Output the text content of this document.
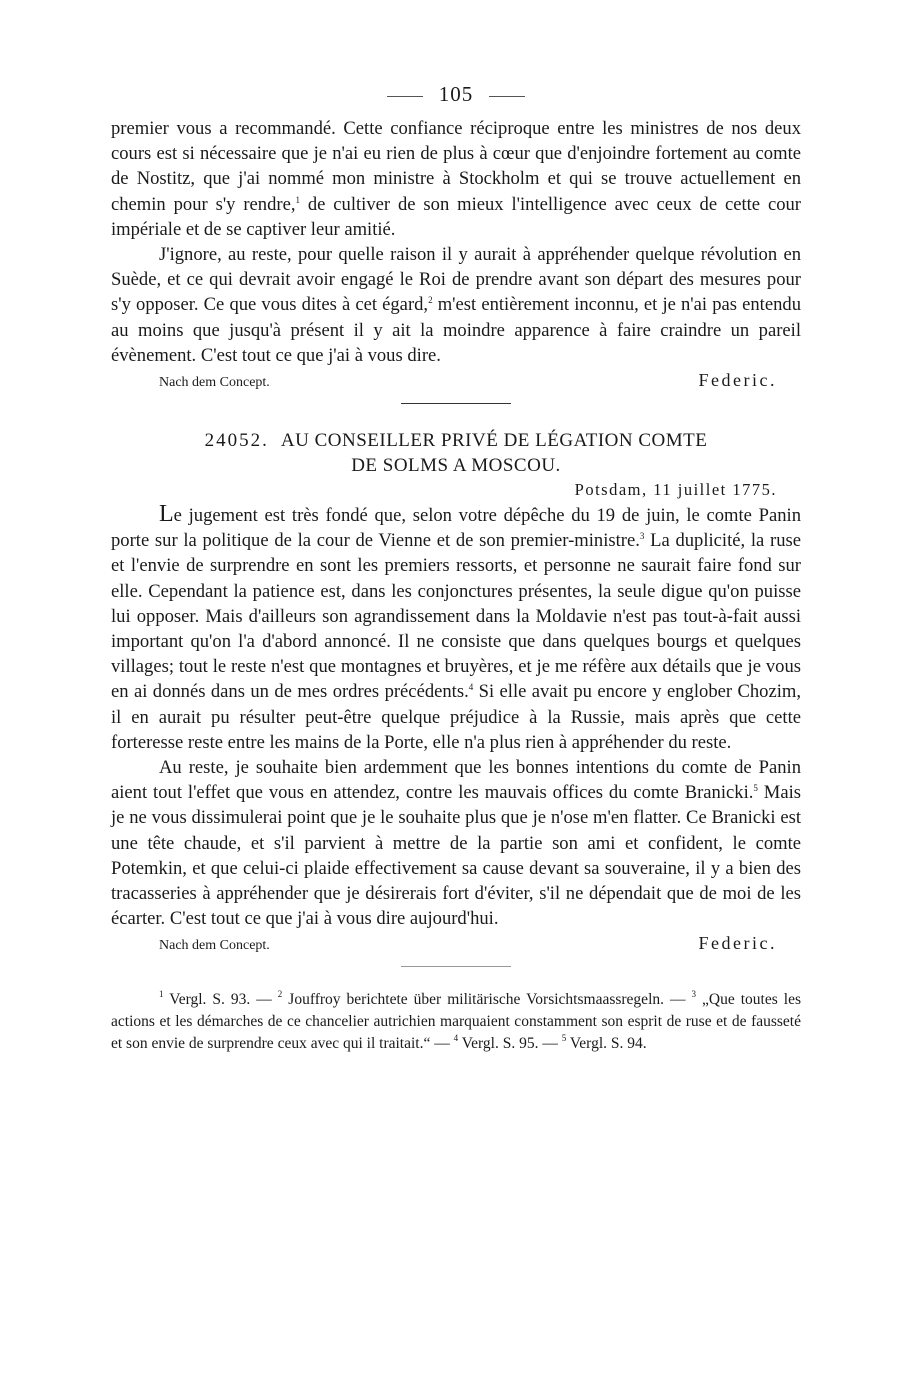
105

premier vous a recommandé. Cette confiance réciproque entre les ministres de nos deux cours est si nécessaire que je n'ai eu rien de plus à cœur que d'enjoindre fortement au comte de Nostitz, que j'ai nommé mon ministre à Stockholm et qui se trouve actuellement en chemin pour s'y rendre,$^1$ de cultiver de son mieux l'intelligence avec ceux de cette cour impériale et de se captiver leur amitié.

J'ignore, au reste, pour quelle raison il y aurait à appréhender quelque révolution en Suède, et ce qui devrait avoir engagé le Roi de prendre avant son départ des mesures pour s'y opposer. Ce que vous dites à cet égard,$^2$ m'est entièrement inconnu, et je n'ai pas entendu au moins que jusqu'à présent il y ait la moindre apparence à faire craindre un pareil évènement. C'est tout ce que j'ai à vous dire.

Nach dem Concept.	Federic.
24052. AU CONSEILLER PRIVÉ DE LÉGATION COMTE
DE SOLMS A MOSCOU.
Potsdam, 11 juillet 1775.

Le jugement est très fondé que, selon votre dépêche du 19 de juin, le comte Panin porte sur la politique de la cour de Vienne et de son premier-ministre.$^3$ La duplicité, la ruse et l'envie de surprendre en sont les premiers ressorts, et personne ne saurait faire fond sur elle. Cependant la patience est, dans les conjonctures présentes, la seule digue qu'on puisse lui opposer. Mais d'ailleurs son agrandissement dans la Moldavie n'est pas tout-à-fait aussi important qu'on l'a d'abord annoncé. Il ne consiste que dans quelques bourgs et quelques villages; tout le reste n'est que montagnes et bruyères, et je me réfère aux détails que je vous en ai donnés dans un de mes ordres précédents.$^4$ Si elle avait pu encore y englober Chozim, il en aurait pu résulter peut-être quelque préjudice à la Russie, mais après que cette forteresse reste entre les mains de la Porte, elle n'a plus rien à appréhender du reste.

Au reste, je souhaite bien ardemment que les bonnes intentions du comte de Panin aient tout l'effet que vous en attendez, contre les mauvais offices du comte Branicki.$^5$ Mais je ne vous dissimulerai point que je le souhaite plus que je n'ose m'en flatter. Ce Branicki est une tête chaude, et s'il parvient à mettre de la partie son ami et confident, le comte Potemkin, et que celui-ci plaide effectivement sa cause devant sa souveraine, il y a bien des tracasseries à appréhender que je désirerais fort d'éviter, s'il ne dépendait que de moi de les écarter. C'est tout ce que j'ai à vous dire aujourd'hui.

Nach dem Concept.	Federic.

$^1$ Vergl. S. 93. — $^2$ Jouffroy berichtete über militärische Vorsichtsmaassregeln. — $^3$ „Que toutes les actions et les démarches de ce chancelier autrichien marquaient constamment son esprit de ruse et de fausseté et son envie de surprendre ceux avec qui il traitait.“ — $^4$ Vergl. S. 95. — $^5$ Vergl. S. 94.
